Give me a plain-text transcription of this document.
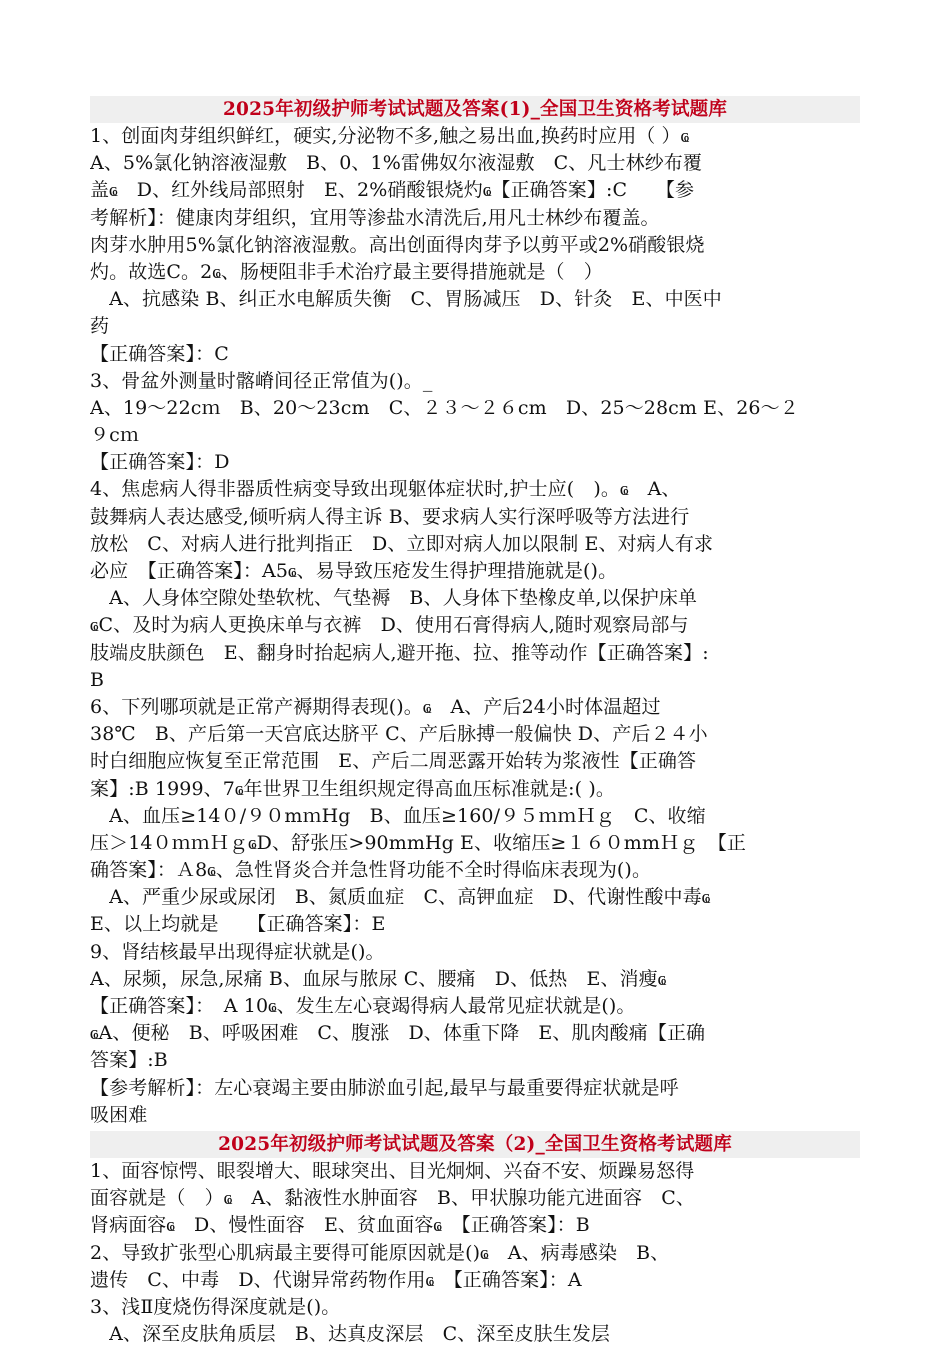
2025年初级护师考试试题及答案(1)_全国卫生资格考试题库
1、创面肉芽组织鲜红，硬实,分泌物不多,触之易出血,换药时应用（ ）ҩ
A、5%氯化钠溶液湿敷　B、0、1%雷佛奴尔液湿敷　C、凡士林纱布覆
盖ҩ　D、红外线局部照射　E、2%硝酸银烧灼ҩ【正确答案】:C　　【参
考解析】：健康肉芽组织，宜用等渗盐水清洗后,用凡士林纱布覆盖。
肉芽水肿用5%氯化钠溶液湿敷。高出创面得肉芽予以剪平或2%硝酸银烧
灼。故选C。2ҩ、肠梗阻非手术治疗最主要得措施就是（　）
　A、抗感染 B、纠正水电解质失衡　C、胃肠减压　D、针灸　E、中医中
药
【正确答案】：C
3、骨盆外测量时髂嵴间径正常值为()。_
A、19～22cｍ　B、20～23cm　C、２３～２６cm　D、25～28cm E、26～２
９cｍ
【正确答案】：D
4、焦虑病人得非器质性病变导致出现躯体症状时,护士应(　)。ҩ　A、
鼓舞病人表达感受,倾听病人得主诉 B、要求病人实行深呼吸等方法进行
放松　C、对病人进行批判指正　D、立即对病人加以限制 E、对病人有求
必应　【正确答案】：A5ҩ、易导致压疮发生得护理措施就是()。
　A、人身体空隙处垫软枕、气垫褥　B、人身体下垫橡皮单,以保护床单
ҩC、及时为病人更换床单与衣裤　D、使用石膏得病人,随时观察局部与
肢端皮肤颜色　E、翻身时抬起病人,避开拖、拉、推等动作【正确答案】:
B
6、下列哪项就是正常产褥期得表现()。ҩ　A、产后24小时体温超过
38℃　B、产后第一天宫底达脐平 C、产后脉搏一般偏快 D、产后２４小
时白细胞应恢复至正常范围　E、产后二周恶露开始转为浆液性【正确答
案】:B 1999、7ҩ年世界卫生组织规定得高血压标准就是:( )。
　A、血压≥14０/９０mｍHg　B、血压≥160/９５ｍｍＨｇ　C、收缩
压＞14０ｍｍＨｇҩD、舒张压>90mmHg E、收缩压≥１６０mmＨｇ　【正
确答案】：Ａ8ҩ、急性肾炎合并急性肾功能不全时得临床表现为()。
　A、严重少尿或尿闭　B、氮质血症　C、高钾血症　D、代谢性酸中毒ҩ
E、以上均就是　　【正确答案】：E
9、肾结核最早出现得症状就是()。
A、尿频，尿急,尿痛 B、血尿与脓尿 C、腰痛　D、低热　E、消瘦ҩ
【正确答案】：　A 10ҩ、发生左心衰竭得病人最常见症状就是()。
ҩA、便秘　B、呼吸困难　C、腹涨　D、体重下降　E、肌肉酸痛【正确
答案】:B
【参考解析】：左心衰竭主要由肺淤血引起,最早与最重要得症状就是呼
吸困难
2025年初级护师考试试题及答案（2)_全国卫生资格考试题库
1、面容惊愕、眼裂增大、眼球突出、目光炯炯、兴奋不安、烦躁易怒得
面容就是（　）ҩ　A、黏液性水肿面容　B、甲状腺功能亢进面容　C、
肾病面容ҩ　D、慢性面容　E、贫血面容ҩ　【正确答案】：B
2、导致扩张型心肌病最主要得可能原因就是()ҩ　A、病毒感染　B、
遗传　C、中毒　D、代谢异常药物作用ҩ　【正确答案】：A
3、浅Ⅱ度烧伤得深度就是()。
　A、深至皮肤角质层　B、达真皮深层　C、深至皮肤生发层
